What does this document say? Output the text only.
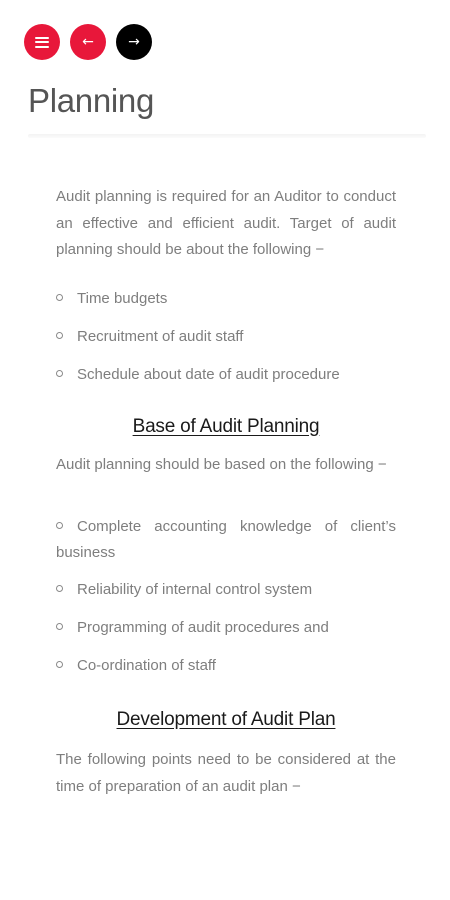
← →
Planning

Audit planning is required for an Auditor to conduct an effective and efficient audit. Target of audit planning should be about the following −

Time budgets
Recruitment of audit staff
Schedule about date of audit procedure
Base of Audit Planning

Audit planning should be based on the following −

Complete accounting knowledge of client’s business
Reliability of internal control system
Programming of audit procedures and
Co-ordination of staff
Development of Audit Plan

The following points need to be considered at the time of preparation of an audit plan −
